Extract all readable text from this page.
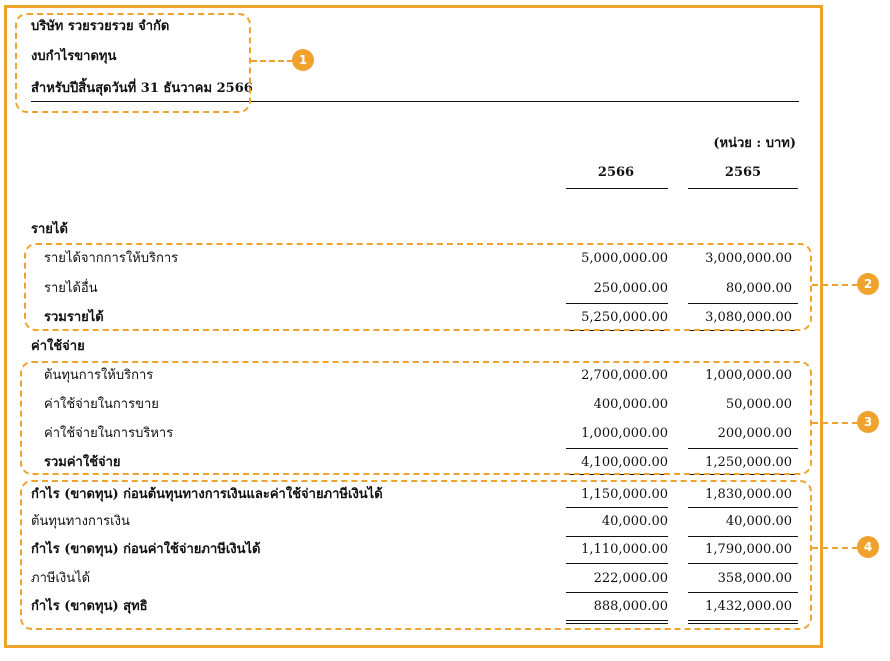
บริษัท รวยรวยรวย จำกัด
งบกำไรขาดทุน
สำหรับปีสิ้นสุดวันที่ 31 ธันวาคม 2566
(หน่วย : บาท)
2566	2565
รายได้
รายได้จากการให้บริการ	5,000,000.00	3,000,000.00
รายได้อื่น	250,000.00	80,000.00
รวมรายได้	5,250,000.00	3,080,000.00
ค่าใช้จ่าย
ต้นทุนการให้บริการ	2,700,000.00	1,000,000.00
ค่าใช้จ่ายในการขาย	400,000.00	50,000.00
ค่าใช้จ่ายในการบริหาร	1,000,000.00	200,000.00
รวมค่าใช้จ่าย	4,100,000.00	1,250,000.00
กำไร (ขาดทุน) ก่อนต้นทุนทางการเงินและค่าใช้จ่ายภาษีเงินได้	1,150,000.00	1,830,000.00
ต้นทุนทางการเงิน	40,000.00	40,000.00
กำไร (ขาดทุน) ก่อนค่าใช้จ่ายภาษีเงินได้	1,110,000.00	1,790,000.00
ภาษีเงินได้	222,000.00	358,000.00
กำไร (ขาดทุน) สุทธิ	888,000.00	1,432,000.00
1
2
3
4
